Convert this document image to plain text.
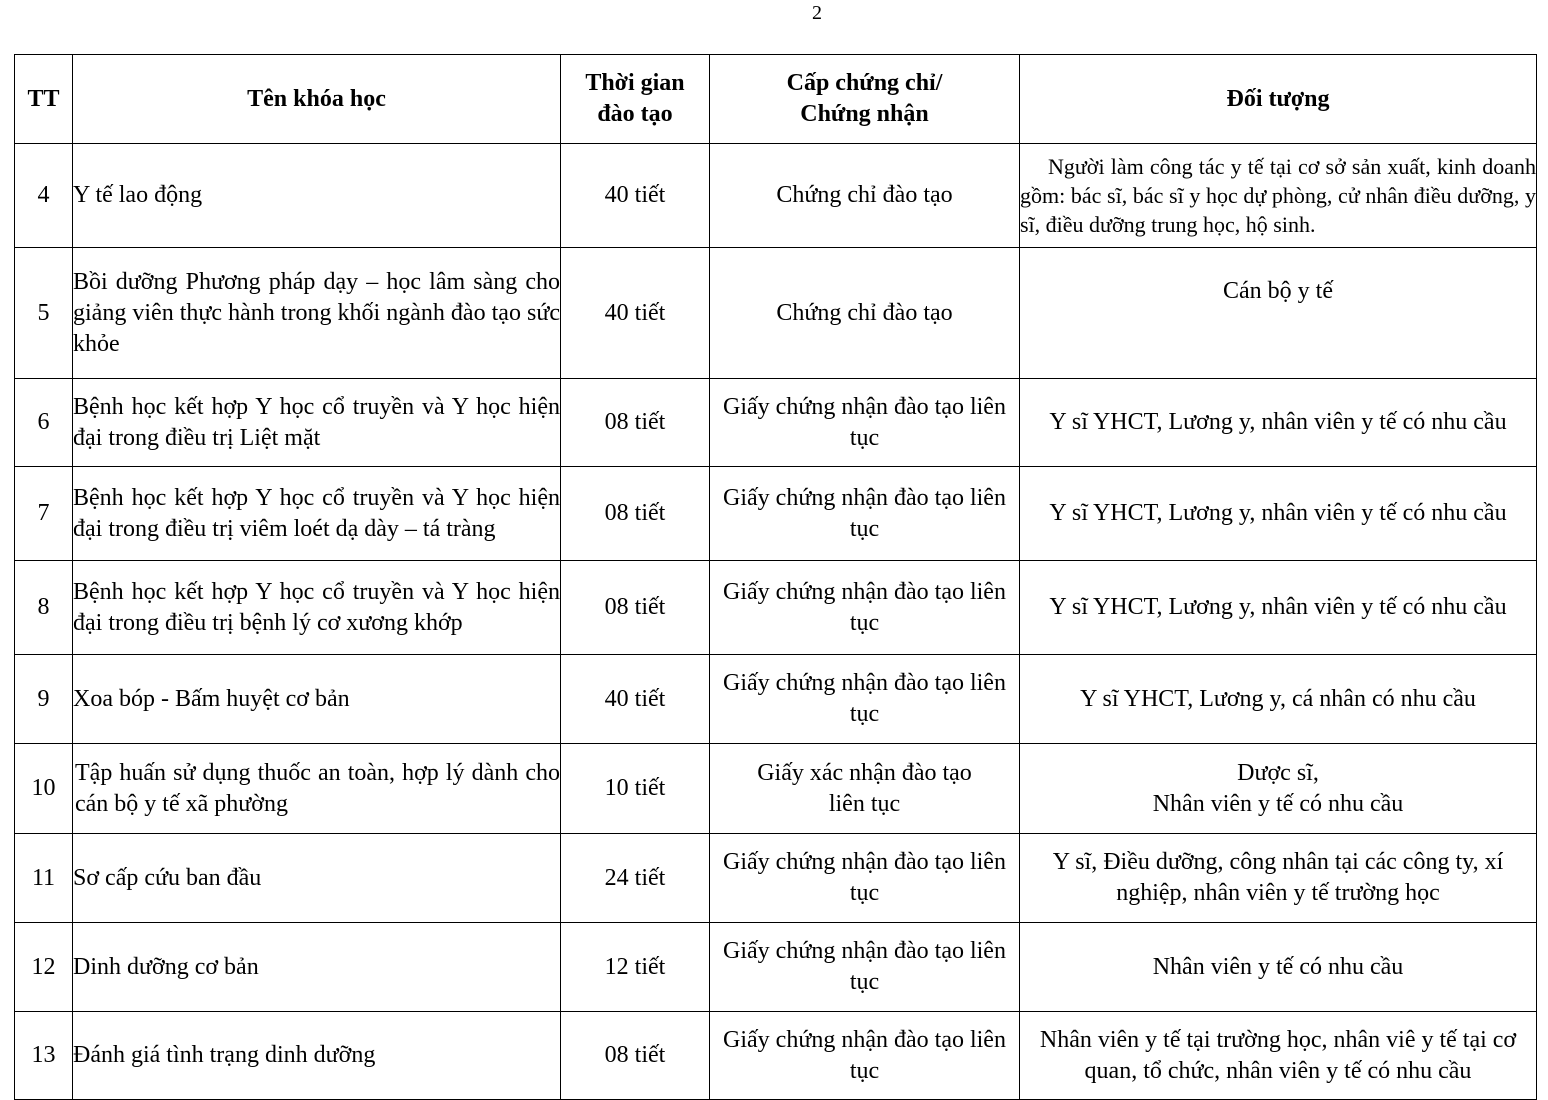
2
TT	Tên khóa học	Thời gian đào tạo	Cấp chứng chỉ/ Chứng nhận	Đối tượng
4	Y tế lao động	40 tiết	Chứng chỉ đào tạo	Người làm công tác y tế tại cơ sở sản xuất, kinh doanh gồm: bác sĩ, bác sĩ y học dự phòng, cử nhân điều dưỡng, y sĩ, điều dưỡng trung học, hộ sinh.
5	Bồi dưỡng Phương pháp dạy – học lâm sàng cho giảng viên thực hành trong khối ngành đào tạo sức khỏe	40 tiết	Chứng chỉ đào tạo	Cán bộ y tế
6	Bệnh học kết hợp Y học cổ truyền và Y học hiện đại trong điều trị Liệt mặt	08 tiết	Giấy chứng nhận đào tạo liên tục	Y sĩ YHCT, Lương y, nhân viên y tế có nhu cầu
7	Bệnh học kết hợp Y học cổ truyền và Y học hiện đại trong điều trị viêm loét dạ dày – tá tràng	08 tiết	Giấy chứng nhận đào tạo liên tục	Y sĩ YHCT, Lương y, nhân viên y tế có nhu cầu
8	Bệnh học kết hợp Y học cổ truyền và Y học hiện đại trong điều trị bệnh lý cơ xương khớp	08 tiết	Giấy chứng nhận đào tạo liên tục	Y sĩ YHCT, Lương y, nhân viên y tế có nhu cầu
9	Xoa bóp - Bấm huyệt cơ bản	40 tiết	Giấy chứng nhận đào tạo liên tục	Y sĩ YHCT, Lương y, cá nhân có nhu cầu
10	Tập huấn sử dụng thuốc an toàn, hợp lý dành cho cán bộ y tế xã phường	10 tiết	Giấy xác nhận đào tạo liên tục	Dược sĩ,
Nhân viên y tế có nhu cầu

11	Sơ cấp cứu ban đầu	24 tiết	Giấy chứng nhận đào tạo liên tục	Y sĩ, Điều dưỡng, công nhân tại các công ty, xí nghiệp, nhân viên y tế trường học
12	Dinh dưỡng cơ bản	12 tiết	Giấy chứng nhận đào tạo liên tục	Nhân viên y tế có nhu cầu
13	Đánh giá tình trạng dinh dưỡng	08 tiết	Giấy chứng nhận đào tạo liên tục	Nhân viên y tế tại trường học, nhân viê y tế tại cơ quan, tổ chức, nhân viên y tế có nhu cầu
